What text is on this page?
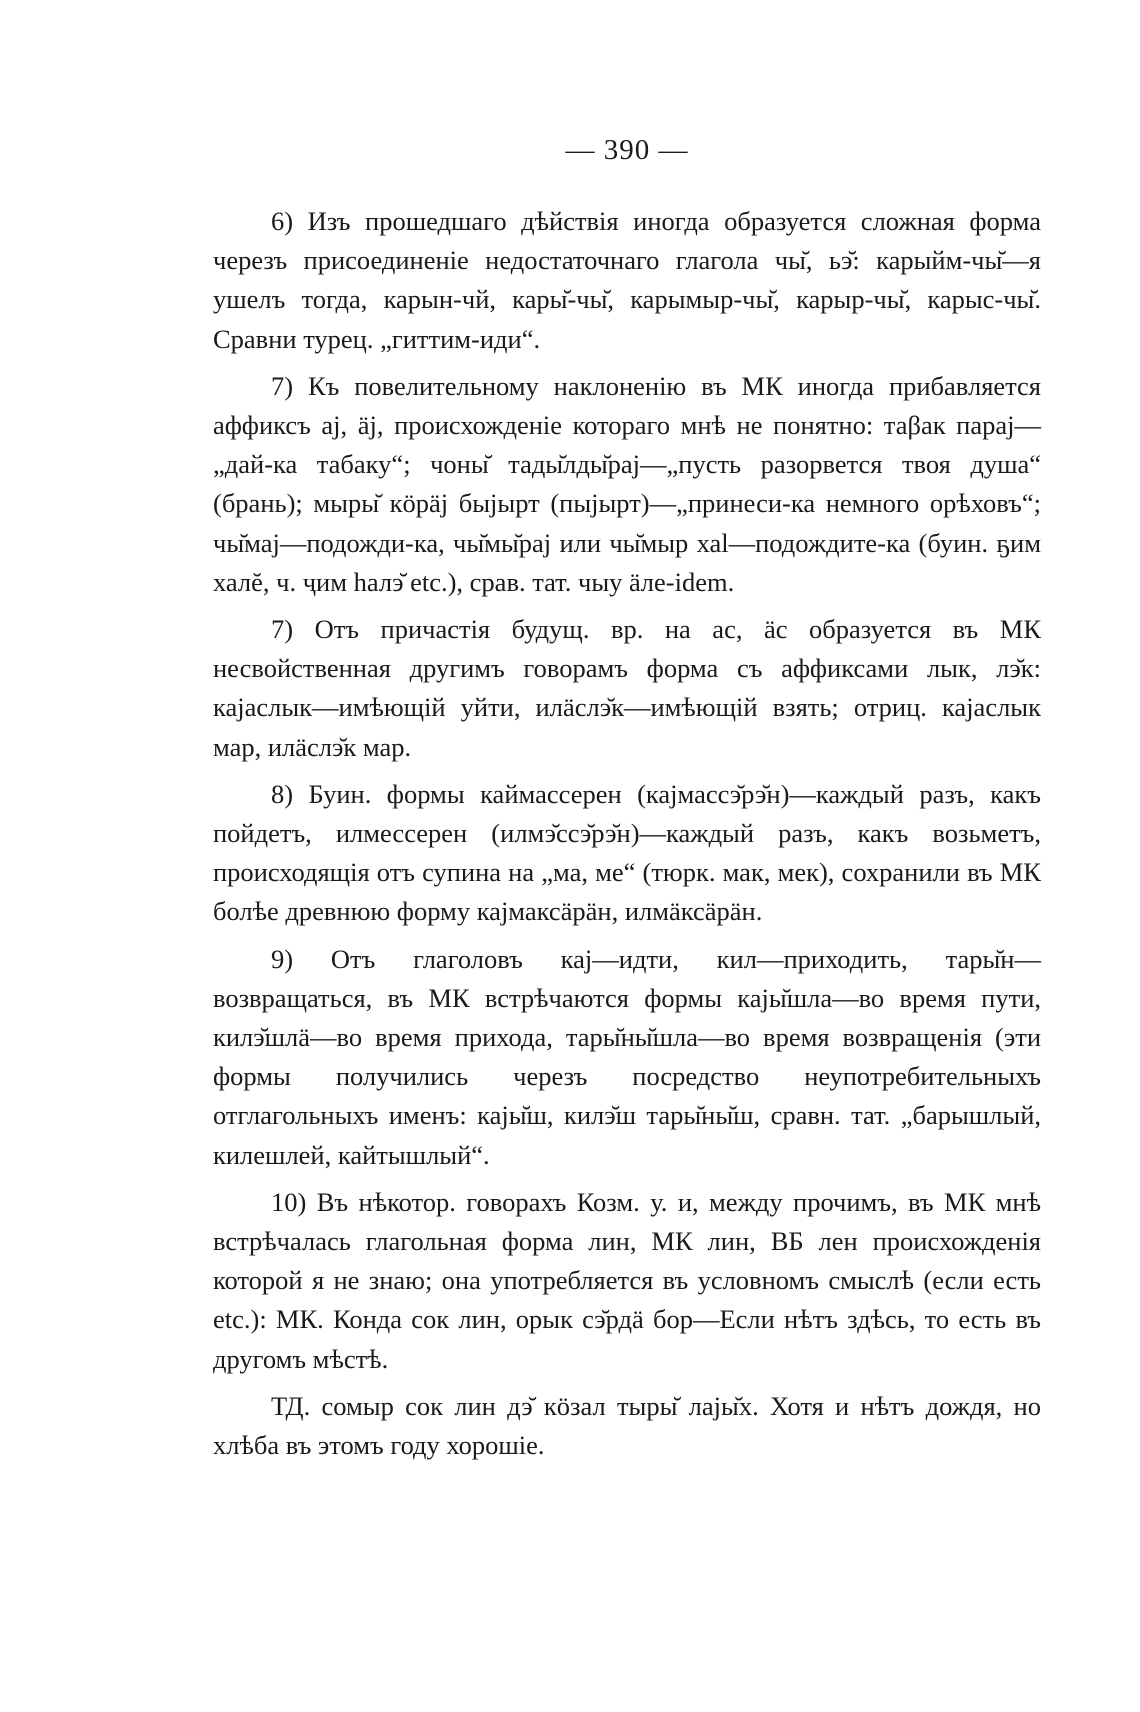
— 390 —

6) Изъ прошедшаго дѣйствія иногда образуется сложная форма черезъ присоединеніе недостаточнаго глагола чы̆, ьэ̆: карыйм-чы̆—я ушелъ тогда, карын-чй, кары̆-чы̆, карымыр-чы̆, карыр-чы̆, карыс-чы̆. Сравни турец. „гиттим-иди“.

7) Къ повелительному наклоненію въ МК иногда прибавляется аффиксъ аj, äj, происхожденіе котораго мнѣ не понятно: таβак параj—„дай-ка табаку“; чоны̆ тады̆лды̆раj—„пусть разорвется твоя душа“ (брань); мыры̆ кöрäj быjырт (пыjырт)—„принеси-ка немного орѣховъ“; чы̆маj—подожди-ка, чы̆мы̆раj или чы̆мыр хаl—подождите-ка (буин. ҕим халĕ, ч. ҷим hалэ̆ etc.), срав. тат. чыу äле-idem.

7) Отъ причастія будущ. вр. на ас, äс образуется въ МК несвойственная другимъ говорамъ форма съ аффиксами лык, лэ̆к: каjаслык—имѣющій уйти, илäслэ̆к—имѣющій взять; отриц. каjаслык мар, илäслэ̆к мар.

8) Буин. формы каймассерен (каjмассэ̆рэ̆н)—каждый разъ, какъ пойдетъ, илмессерен (илмэ̆ссэ̆рэ̆н)—каждый разъ, какъ возьметъ, происходящія отъ супина на „ма, ме“ (тюрк. мак, мек), сохранили въ МК болѣе древнюю форму каjмаксäрäн, илмäксäрäн.

9) Отъ глаголовъ каj—идти, кил—приходить, тары̆н—возвращаться, въ МК встрѣчаются формы каjы̆шла—во время пути, килэ̆шлä—во время прихода, тары̆ны̆шла—во время возвращенія (эти формы получились черезъ посредство неупотребительныхъ отглагольныхъ именъ: каjы̆ш, килэ̆ш тары̆ны̆ш, сравн. тат. „барышлый, килешлей, кайтышлый“.

10) Въ нѣкотор. говорахъ Козм. у. и, между прочимъ, въ МК мнѣ встрѣчалась глагольная форма лин, МК лин, ВБ лен происхожденія которой я не знаю; она употребляется въ условномъ смыслѣ (если есть etc.): МК. Конда сок лин, орык сэ̆рдä бор—Если нѣтъ здѣсь, то есть въ другомъ мѣстѣ.

ТД. сомыр сок лин дэ̆ кöзал тыры̆ лаjы̆х. Хотя и нѣтъ дождя, но хлѣба въ этомъ году хорошіе.
